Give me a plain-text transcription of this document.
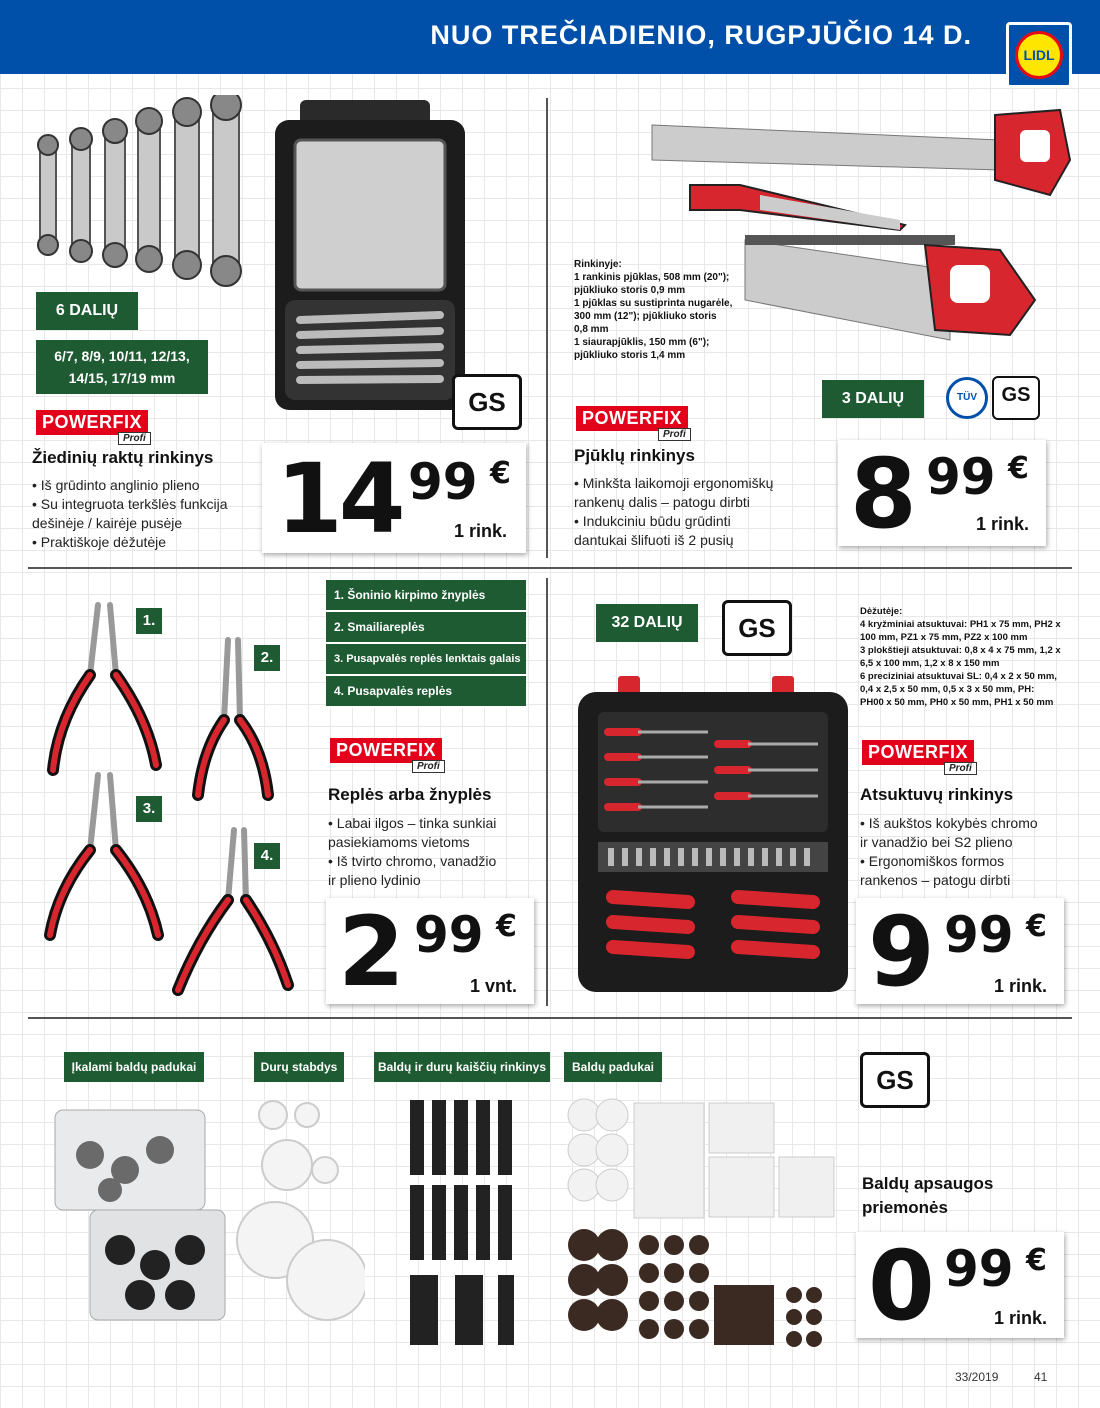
NUO TREČIADIENIO, RUGPJŪČIO 14 D.
LIDL
6 DALIŲ
6/7, 8/9, 10/11, 12/13,
14/15, 17/19 mm
POWERFIX
Profi
Žiedinių raktų rinkinys
• Iš grūdinto anglinio plieno
• Su integruota terkšlės funkcija
dešinėje / kairėje pusėje
• Praktiškoje dėžutėje
GS
14 99 €
1 rink.
Rinkinyje:
1 rankinis pjūklas, 508 mm (20");
pjūkliuko storis 0,9 mm
1 pjūklas su sustiprinta nugarėle,
300 mm (12"); pjūkliuko storis
0,8 mm
1 siaurapjūklis, 150 mm (6");
pjūkliuko storis 1,4 mm
3 DALIŲ	TÜV	GS
POWERFIX
Profi
Pjūklų rinkinys
• Minkšta laikomoji ergonomiškų
rankenų dalis – patogu dirbti
• Indukciniu būdu grūdinti
dantukai šlifuoti iš 2 pusių	8 99 €
1 rink.
1.
2.
3.
4.
1. Šoninio kirpimo žnyplės
2. Smailiareplės
3. Pusapvalės replės lenktais galais
4. Pusapvalės replės
POWERFIX
Profi
Replės arba žnyplės
• Labai ilgos – tinka sunkiai
pasiekiamoms vietoms
• Iš tvirto chromo, vanadžio
ir plieno lydinio
2 99 €
1 vnt.
32 DALIŲ	GS
Dėžutėje:
4 kryžminiai atsuktuvai: PH1 x 75 mm, PH2 x
100 mm, PZ1 x 75 mm, PZ2 x 100 mm
3 plokštieji atsuktuvai: 0,8 x 4 x 75 mm, 1,2 x
6,5 x 100 mm, 1,2 x 8 x 150 mm
6 preciziniai atsuktuvai SL: 0,4 x 2 x 50 mm,
0,4 x 2,5 x 50 mm, 0,5 x 3 x 50 mm, PH:
PH00 x 50 mm, PH0 x 50 mm, PH1 x 50 mm
POWERFIX
Profi
Atsuktuvų rinkinys
• Iš aukštos kokybės chromo
ir vanadžio bei S2 plieno
• Ergonomiškos formos
rankenos – patogu dirbti
9 99 €
1 rink.
Įkalami baldų padukai	Durų stabdys	Baldų ir durų kaiščių rinkinys	Baldų padukai	GS
Baldų apsaugos
priemonės
0 99 €
1 rink.
33/2019	41
